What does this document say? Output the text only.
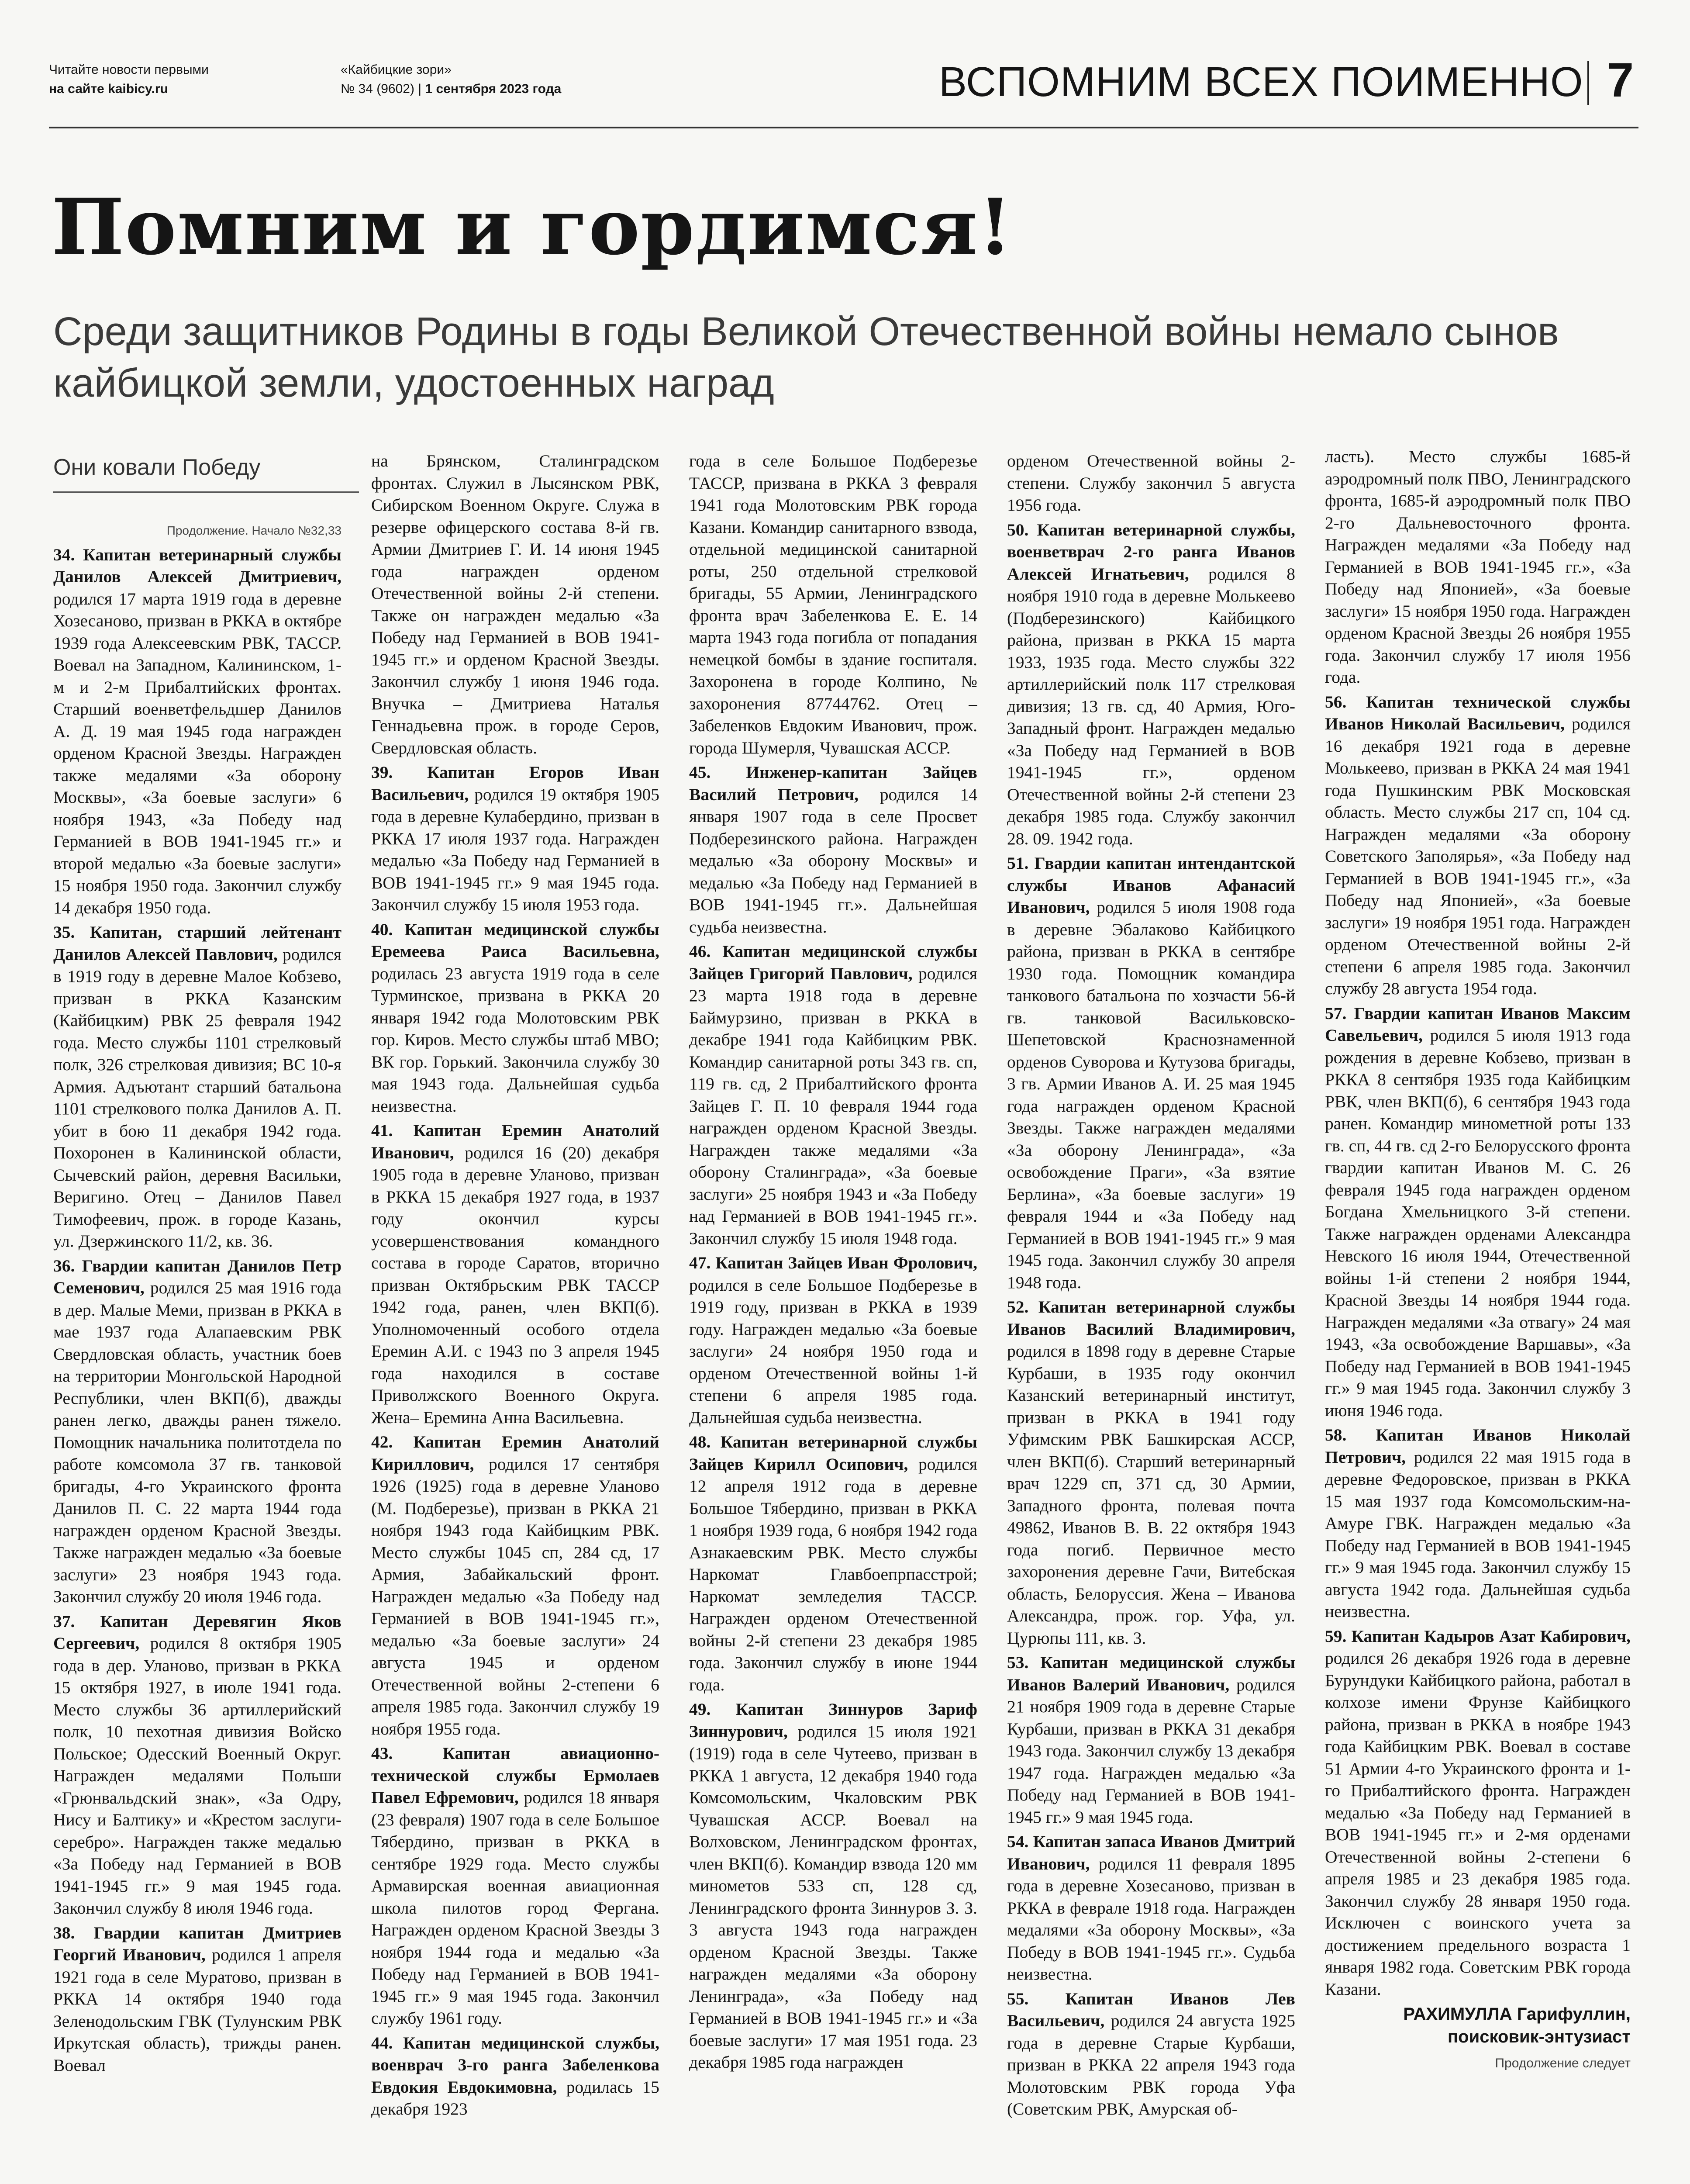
Читайте новости первыми
на сайте kaibicy.ru
«Кайбицкие зори»
№ 34 (9602) | 1 сентября 2023 года	ВСПОМНИМ ВСЕХ ПОИМЕННО 7
Помним и гордимся!
Среди защитников Родины в годы Великой Отечественной войны немало сынов кайбицкой земли, удостоенных наград
Они ковали Победу

Продолжение. Начало №32,33

34. Капитан ветеринарный службы Данилов Алексей Дмитриевич, родился 17 марта 1919 года в деревне Хозесаново, призван в РККА в октябре 1939 года Алексеевским РВК, ТАССР. Воевал на Западном, Калининском, 1-м и 2-м Прибалтийских фронтах. Старший военветфельдшер Данилов А. Д. 19 мая 1945 года награжден орденом Красной Звезды. Награжден также медалями «За оборону Москвы», «За боевые заслуги» 6 ноября 1943, «За Победу над Германией в ВОВ 1941-1945 гг.» и второй медалью «За боевые заслуги» 15 ноября 1950 года. Закончил службу 14 декабря 1950 года.

35. Капитан, старший лейтенант Данилов Алексей Павлович, родился в 1919 году в деревне Малое Кобзево, призван в РККА Казанским (Кайбицким) РВК 25 февраля 1942 года. Место службы 1101 стрелковый полк, 326 стрелковая дивизия; ВС 10-я Армия. Адъютант старший батальона 1101 стрелкового полка Данилов А. П. убит в бою 11 декабря 1942 года. Похоронен в Калининской области, Сычевский район, деревня Васильки, Веригино. Отец – Данилов Павел Тимофеевич, прож. в городе Казань, ул. Дзержинского 11/2, кв. 36.

36. Гвардии капитан Данилов Петр Семенович, родился 25 мая 1916 года в дер. Малые Меми, призван в РККА в мае 1937 года Алапаевским РВК Свердловская область, участник боев на территории Монгольской Народной Республики, член ВКП(б), дважды ранен легко, дважды ранен тяжело. Помощник начальника политотдела по работе комсомола 37 гв. танковой бригады, 4-го Украинского фронта Данилов П. С. 22 марта 1944 года награжден орденом Красной Звезды. Также награжден медалью «За боевые заслуги» 23 ноября 1943 года. Закончил службу 20 июля 1946 года.

37. Капитан Деревягин Яков Сергеевич, родился 8 октября 1905 года в дер. Уланово, призван в РККА 15 октября 1927, в июле 1941 года. Место службы 36 артиллерийский полк, 10 пехотная дивизия Войско Польское; Одесский Военный Округ. Награжден медалями Польши «Грюнвальдский знак», «За Одру, Нису и Балтику» и «Крестом заслуги-серебро». Награжден также медалью «За Победу над Германией в ВОВ 1941-1945 гг.» 9 мая 1945 года. Закончил службу 8 июля 1946 года.

38. Гвардии капитан Дмитриев Георгий Иванович, родился 1 апреля 1921 года в селе Муратово, призван в РККА 14 октября 1940 года Зеленодольским ГВК (Тулунским РВК Иркутская область), трижды ранен. Воевал

на Брянском, Сталинградском фронтах. Служил в Лысянском РВК, Сибирском Военном Округе. Служа в резерве офицерского состава 8-й гв. Армии Дмитриев Г. И. 14 июня 1945 года награжден орденом Отечественной войны 2-й степени. Также он награжден медалью «За Победу над Германией в ВОВ 1941-1945 гг.» и орденом Красной Звезды. Закончил службу 1 июня 1946 года. Внучка – Дмитриева Наталья Геннадьевна прож. в городе Серов, Свердловская область.

39. Капитан Егоров Иван Васильевич, родился 19 октября 1905 года в деревне Кулабердино, призван в РККА 17 июля 1937 года. Награжден медалью «За Победу над Германией в ВОВ 1941-1945 гг.» 9 мая 1945 года. Закончил службу 15 июля 1953 года.

40. Капитан медицинской службы Еремеева Раиса Васильевна, родилась 23 августа 1919 года в селе Турминское, призвана в РККА 20 января 1942 года Молотовским РВК гор. Киров. Место службы штаб МВО; ВК гор. Горький. Закончила службу 30 мая 1943 года. Дальнейшая судьба неизвестна.

41. Капитан Еремин Анатолий Иванович, родился 16 (20) декабря 1905 года в деревне Уланово, призван в РККА 15 декабря 1927 года, в 1937 году окончил курсы усовершенствования командного состава в городе Саратов, вторично призван Октябрьским РВК ТАССР 1942 года, ранен, член ВКП(б). Уполномоченный особого отдела Еремин А.И. с 1943 по 3 апреля 1945 года находился в составе Приволжского Военного Округа. Жена– Еремина Анна Васильевна.

42. Капитан Еремин Анатолий Кириллович, родился 17 сентября 1926 (1925) года в деревне Уланово (М. Подберезье), призван в РККА 21 ноября 1943 года Кайбицким РВК. Место службы 1045 сп, 284 сд, 17 Армия, Забайкальский фронт. Награжден медалью «За Победу над Германией в ВОВ 1941-1945 гг.», медалью «За боевые заслуги» 24 августа 1945 и орденом Отечественной войны 2-степени 6 апреля 1985 года. Закончил службу 19 ноября 1955 года.

43. Капитан авиационно-технической службы Ермолаев Павел Ефремович, родился 18 января (23 февраля) 1907 года в селе Большое Тябердино, призван в РККА в сентябре 1929 года. Место службы Армавирская военная авиационная школа пилотов город Фергана. Награжден орденом Красной Звезды 3 ноября 1944 года и медалью «За Победу над Германией в ВОВ 1941-1945 гг.» 9 мая 1945 года. Закончил службу 1961 году.

44. Капитан медицинской службы, военврач 3-го ранга Забеленкова Евдокия Евдокимовна, родилась 15 декабря 1923

года в селе Большое Подберезье ТАССР, призвана в РККА 3 февраля 1941 года Молотовским РВК города Казани. Командир санитарного взвода, отдельной медицинской санитарной роты, 250 отдельной стрелковой бригады, 55 Армии, Ленинградского фронта врач Забеленкова Е. Е. 14 марта 1943 года погибла от попадания немецкой бомбы в здание госпиталя. Захоронена в городе Колпино, № захоронения 87744762. Отец – Забеленков Евдоким Иванович, прож. города Шумерля, Чувашская АССР.

45. Инженер-капитан Зайцев Василий Петрович, родился 14 января 1907 года в селе Просвет Подберезинского района. Награжден медалью «За оборону Москвы» и медалью «За Победу над Германией в ВОВ 1941-1945 гг.». Дальнейшая судьба неизвестна.

46. Капитан медицинской службы Зайцев Григорий Павлович, родился 23 марта 1918 года в деревне Баймурзино, призван в РККА в декабре 1941 года Кайбицким РВК. Командир санитарной роты 343 гв. сп, 119 гв. сд, 2 Прибалтийского фронта Зайцев Г. П. 10 февраля 1944 года награжден орденом Красной Звезды. Награжден также медалями «За оборону Сталинграда», «За боевые заслуги» 25 ноября 1943 и «За Победу над Германией в ВОВ 1941-1945 гг.». Закончил службу 15 июля 1948 года.

47. Капитан Зайцев Иван Фролович, родился в селе Большое Подберезье в 1919 году, призван в РККА в 1939 году. Награжден медалью «За боевые заслуги» 24 ноября 1950 года и орденом Отечественной войны 1-й степени 6 апреля 1985 года. Дальнейшая судьба неизвестна.

48. Капитан ветеринарной службы Зайцев Кирилл Осипович, родился 12 апреля 1912 года в деревне Большое Тябердино, призван в РККА 1 ноября 1939 года, 6 ноября 1942 года Азнакаевским РВК. Место службы Наркомат Главбоепрпасстрой; Наркомат земледелия ТАССР. Награжден орденом Отечественной войны 2-й степени 23 декабря 1985 года. Закончил службу в июне 1944 года.

49. Капитан Зиннуров Зариф Зиннурович, родился 15 июля 1921 (1919) года в селе Чутеево, призван в РККА 1 августа, 12 декабря 1940 года Комсомольским, Чкаловским РВК Чувашская АССР. Воевал на Волховском, Ленинградском фронтах, член ВКП(б). Командир взвода 120 мм минометов 533 сп, 128 сд, Ленинградского фронта Зиннуров З. З. 3 августа 1943 года награжден орденом Красной Звезды. Также награжден медалями «За оборону Ленинграда», «За Победу над Германией в ВОВ 1941-1945 гг.» и «За боевые заслуги» 17 мая 1951 года. 23 декабря 1985 года награжден

орденом Отечественной войны 2-степени. Службу закончил 5 августа 1956 года.

50. Капитан ветеринарной службы, военветврач 2-го ранга Иванов Алексей Игнатьевич, родился 8 ноября 1910 года в деревне Молькеево (Подберезинского) Кайбицкого района, призван в РККА 15 марта 1933, 1935 года. Место службы 322 артиллерийский полк 117 стрелковая дивизия; 13 гв. сд, 40 Армия, Юго-Западный фронт. Награжден медалью «За Победу над Германией в ВОВ 1941-1945 гг.», орденом Отечественной войны 2-й степени 23 декабря 1985 года. Службу закончил 28. 09. 1942 года.

51. Гвардии капитан интендантской службы Иванов Афанасий Иванович, родился 5 июля 1908 года в деревне Эбалаково Кайбицкого района, призван в РККА в сентябре 1930 года. Помощник командира танкового батальона по хозчасти 56-й гв. танковой Васильковско-Шепетовской Краснознаменной орденов Суворова и Кутузова бригады, 3 гв. Армии Иванов А. И. 25 мая 1945 года награжден орденом Красной Звезды. Также награжден медалями «За оборону Ленинграда», «За освобождение Праги», «За взятие Берлина», «За боевые заслуги» 19 февраля 1944 и «За Победу над Германией в ВОВ 1941-1945 гг.» 9 мая 1945 года. Закончил службу 30 апреля 1948 года.

52. Капитан ветеринарной службы Иванов Василий Владимирович, родился в 1898 году в деревне Старые Курбаши, в 1935 году окончил Казанский ветеринарный институт, призван в РККА в 1941 году Уфимским РВК Башкирская АССР, член ВКП(б). Старший ветеринарный врач 1229 сп, 371 сд, 30 Армии, Западного фронта, полевая почта 49862, Иванов В. В. 22 октября 1943 года погиб. Первичное место захоронения деревне Гачи, Витебская область, Белоруссия. Жена – Иванова Александра, прож. гор. Уфа, ул. Цурюпы 111, кв. 3.

53. Капитан медицинской службы Иванов Валерий Иванович, родился 21 ноября 1909 года в деревне Старые Курбаши, призван в РККА 31 декабря 1943 года. Закончил службу 13 декабря 1947 года. Награжден медалью «За Победу над Германией в ВОВ 1941-1945 гг.» 9 мая 1945 года.

54. Капитан запаса Иванов Дмитрий Иванович, родился 11 февраля 1895 года в деревне Хозесаново, призван в РККА в феврале 1918 года. Награжден медалями «За оборону Москвы», «За Победу в ВОВ 1941-1945 гг.». Судьба неизвестна.

55. Капитан Иванов Лев Васильевич, родился 24 августа 1925 года в деревне Старые Курбаши, призван в РККА 22 апреля 1943 года Молотовским РВК города Уфа (Советским РВК, Амурская об-

ласть). Место службы 1685-й аэродромный полк ПВО, Ленинградского фронта, 1685-й аэродромный полк ПВО 2-го Дальневосточного фронта. Награжден медалями «За Победу над Германией в ВОВ 1941-1945 гг.», «За Победу над Японией», «За боевые заслуги» 15 ноября 1950 года. Награжден орденом Красной Звезды 26 ноября 1955 года. Закончил службу 17 июля 1956 года.

56. Капитан технической службы Иванов Николай Васильевич, родился 16 декабря 1921 года в деревне Молькеево, призван в РККА 24 мая 1941 года Пушкинским РВК Московская область. Место службы 217 сп, 104 сд. Награжден медалями «За оборону Советского Заполярья», «За Победу над Германией в ВОВ 1941-1945 гг.», «За Победу над Японией», «За боевые заслуги» 19 ноября 1951 года. Награжден орденом Отечественной войны 2-й степени 6 апреля 1985 года. Закончил службу 28 августа 1954 года.

57. Гвардии капитан Иванов Максим Савельевич, родился 5 июля 1913 года рождения в деревне Кобзево, призван в РККА 8 сентября 1935 года Кайбицким РВК, член ВКП(б), 6 сентября 1943 года ранен. Командир минометной роты 133 гв. сп, 44 гв. сд 2-го Белорусского фронта гвардии капитан Иванов М. С. 26 февраля 1945 года награжден орденом Богдана Хмельницкого 3-й степени. Также награжден орденами Александра Невского 16 июля 1944, Отечественной войны 1-й степени 2 ноября 1944, Красной Звезды 14 ноября 1944 года. Награжден медалями «За отвагу» 24 мая 1943, «За освобождение Варшавы», «За Победу над Германией в ВОВ 1941-1945 гг.» 9 мая 1945 года. Закончил службу 3 июня 1946 года.

58. Капитан Иванов Николай Петрович, родился 22 мая 1915 года в деревне Федоровское, призван в РККА 15 мая 1937 года Комсомольским-на- Амуре ГВК. Награжден медалью «За Победу над Германией в ВОВ 1941-1945 гг.» 9 мая 1945 года. Закончил службу 15 августа 1942 года. Дальнейшая судьба неизвестна.

59. Капитан Кадыров Азат Кабирович, родился 26 декабря 1926 года в деревне Бурундуки Кайбицкого района, работал в колхозе имени Фрунзе Кайбицкого района, призван в РККА в ноябре 1943 года Кайбицким РВК. Воевал в составе 51 Армии 4-го Украинского фронта и 1-го Прибалтийского фронта. Награжден медалью «За Победу над Германией в ВОВ 1941-1945 гг.» и 2-мя орденами Отечественной войны 2-степени 6 апреля 1985 и 23 декабря 1985 года. Закончил службу 28 января 1950 года. Исключен с воинского учета за достижением предельного возраста 1 января 1982 года. Советским РВК города Казани.

РАХИМУЛЛА Гарифуллин,
поисковик-энтузиаст
Продолжение следует
